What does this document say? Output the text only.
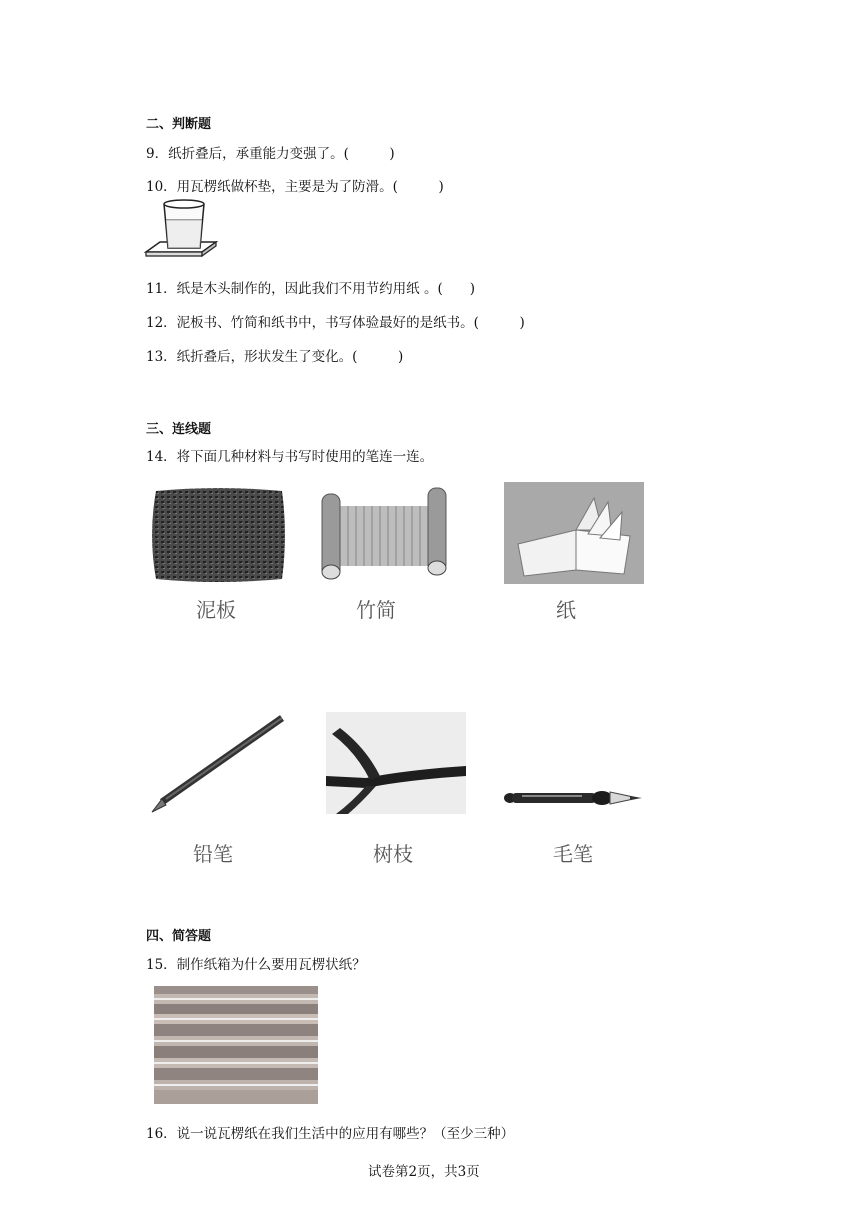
二、判断题
9．纸折叠后，承重能力变强了。(　　　)
10．用瓦楞纸做杯垫，主要是为了防滑。(　　　)
11．纸是木头制作的，因此我们不用节约用纸 。(　　)
12．泥板书、竹简和纸书中，书写体验最好的是纸书。(　　　)
13．纸折叠后，形状发生了变化。(　　　)
三、连线题
14．将下面几种材料与书写时使用的笔连一连。
泥板	竹简	纸
铅笔	树枝	毛笔
四、简答题
15．制作纸箱为什么要用瓦楞状纸？
16．说一说瓦楞纸在我们生活中的应用有哪些？（至少三种）
试卷第2页，共3页
